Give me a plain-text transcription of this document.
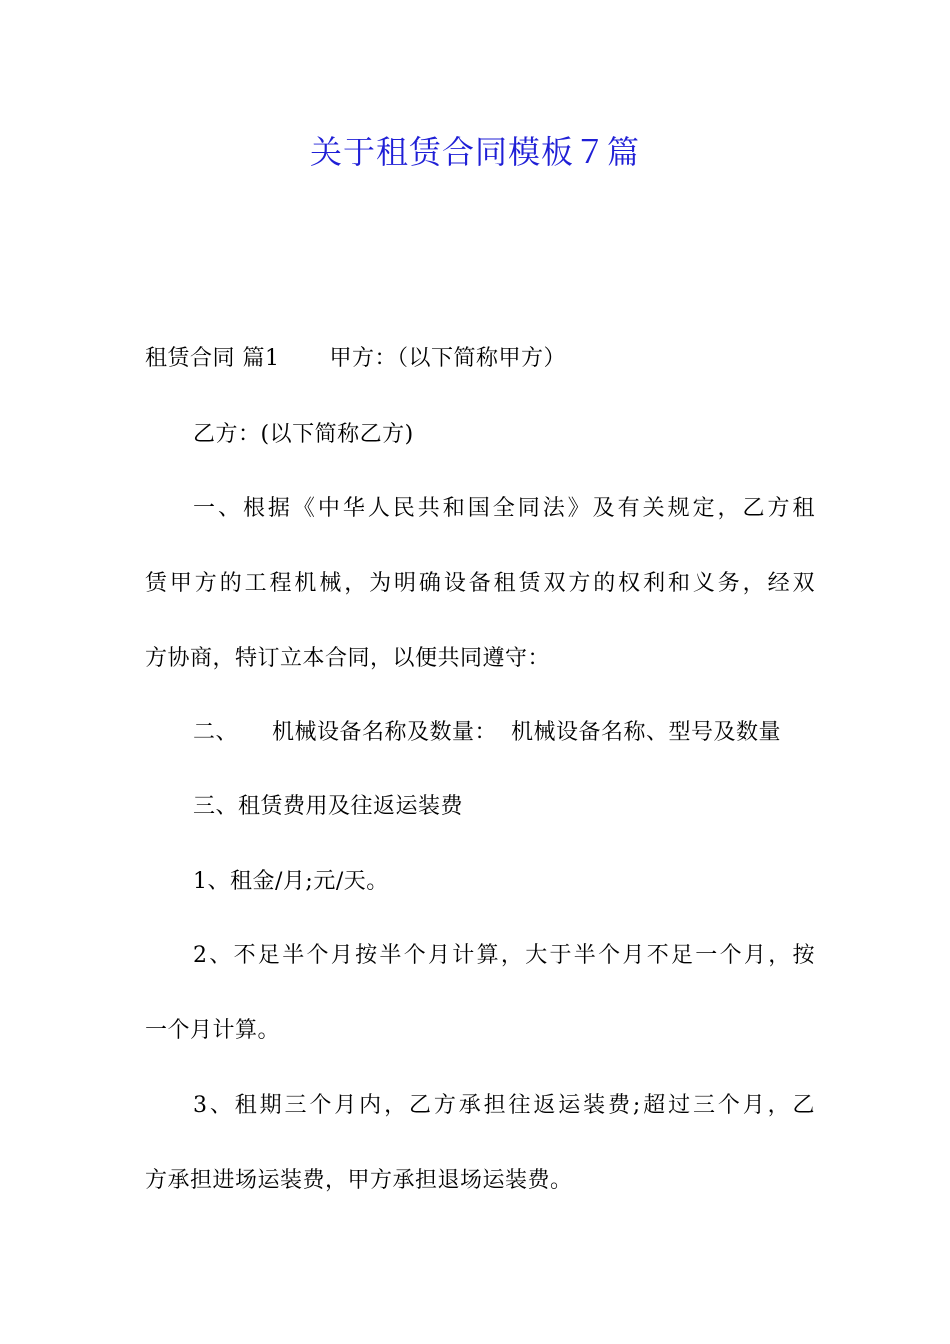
关于租赁合同模板７篇
租赁合同 篇1 甲方：（以下简称甲方）
乙方：(以下简称乙方)
一、根据《中华人民共和国全同法》及有关规定，乙方租
赁甲方的工程机械，为明确设备租赁双方的权利和义务，经双
方协商，特订立本合同，以便共同遵守：
二、 机械设备名称及数量： 机械设备名称、型号及数量
三、租赁费用及往返运装费
1、租金/月;元/天。
2、不足半个月按半个月计算，大于半个月不足一个月，按
一个月计算。
3、租期三个月内，乙方承担往返运装费;超过三个月，乙
方承担进场运装费，甲方承担退场运装费。
